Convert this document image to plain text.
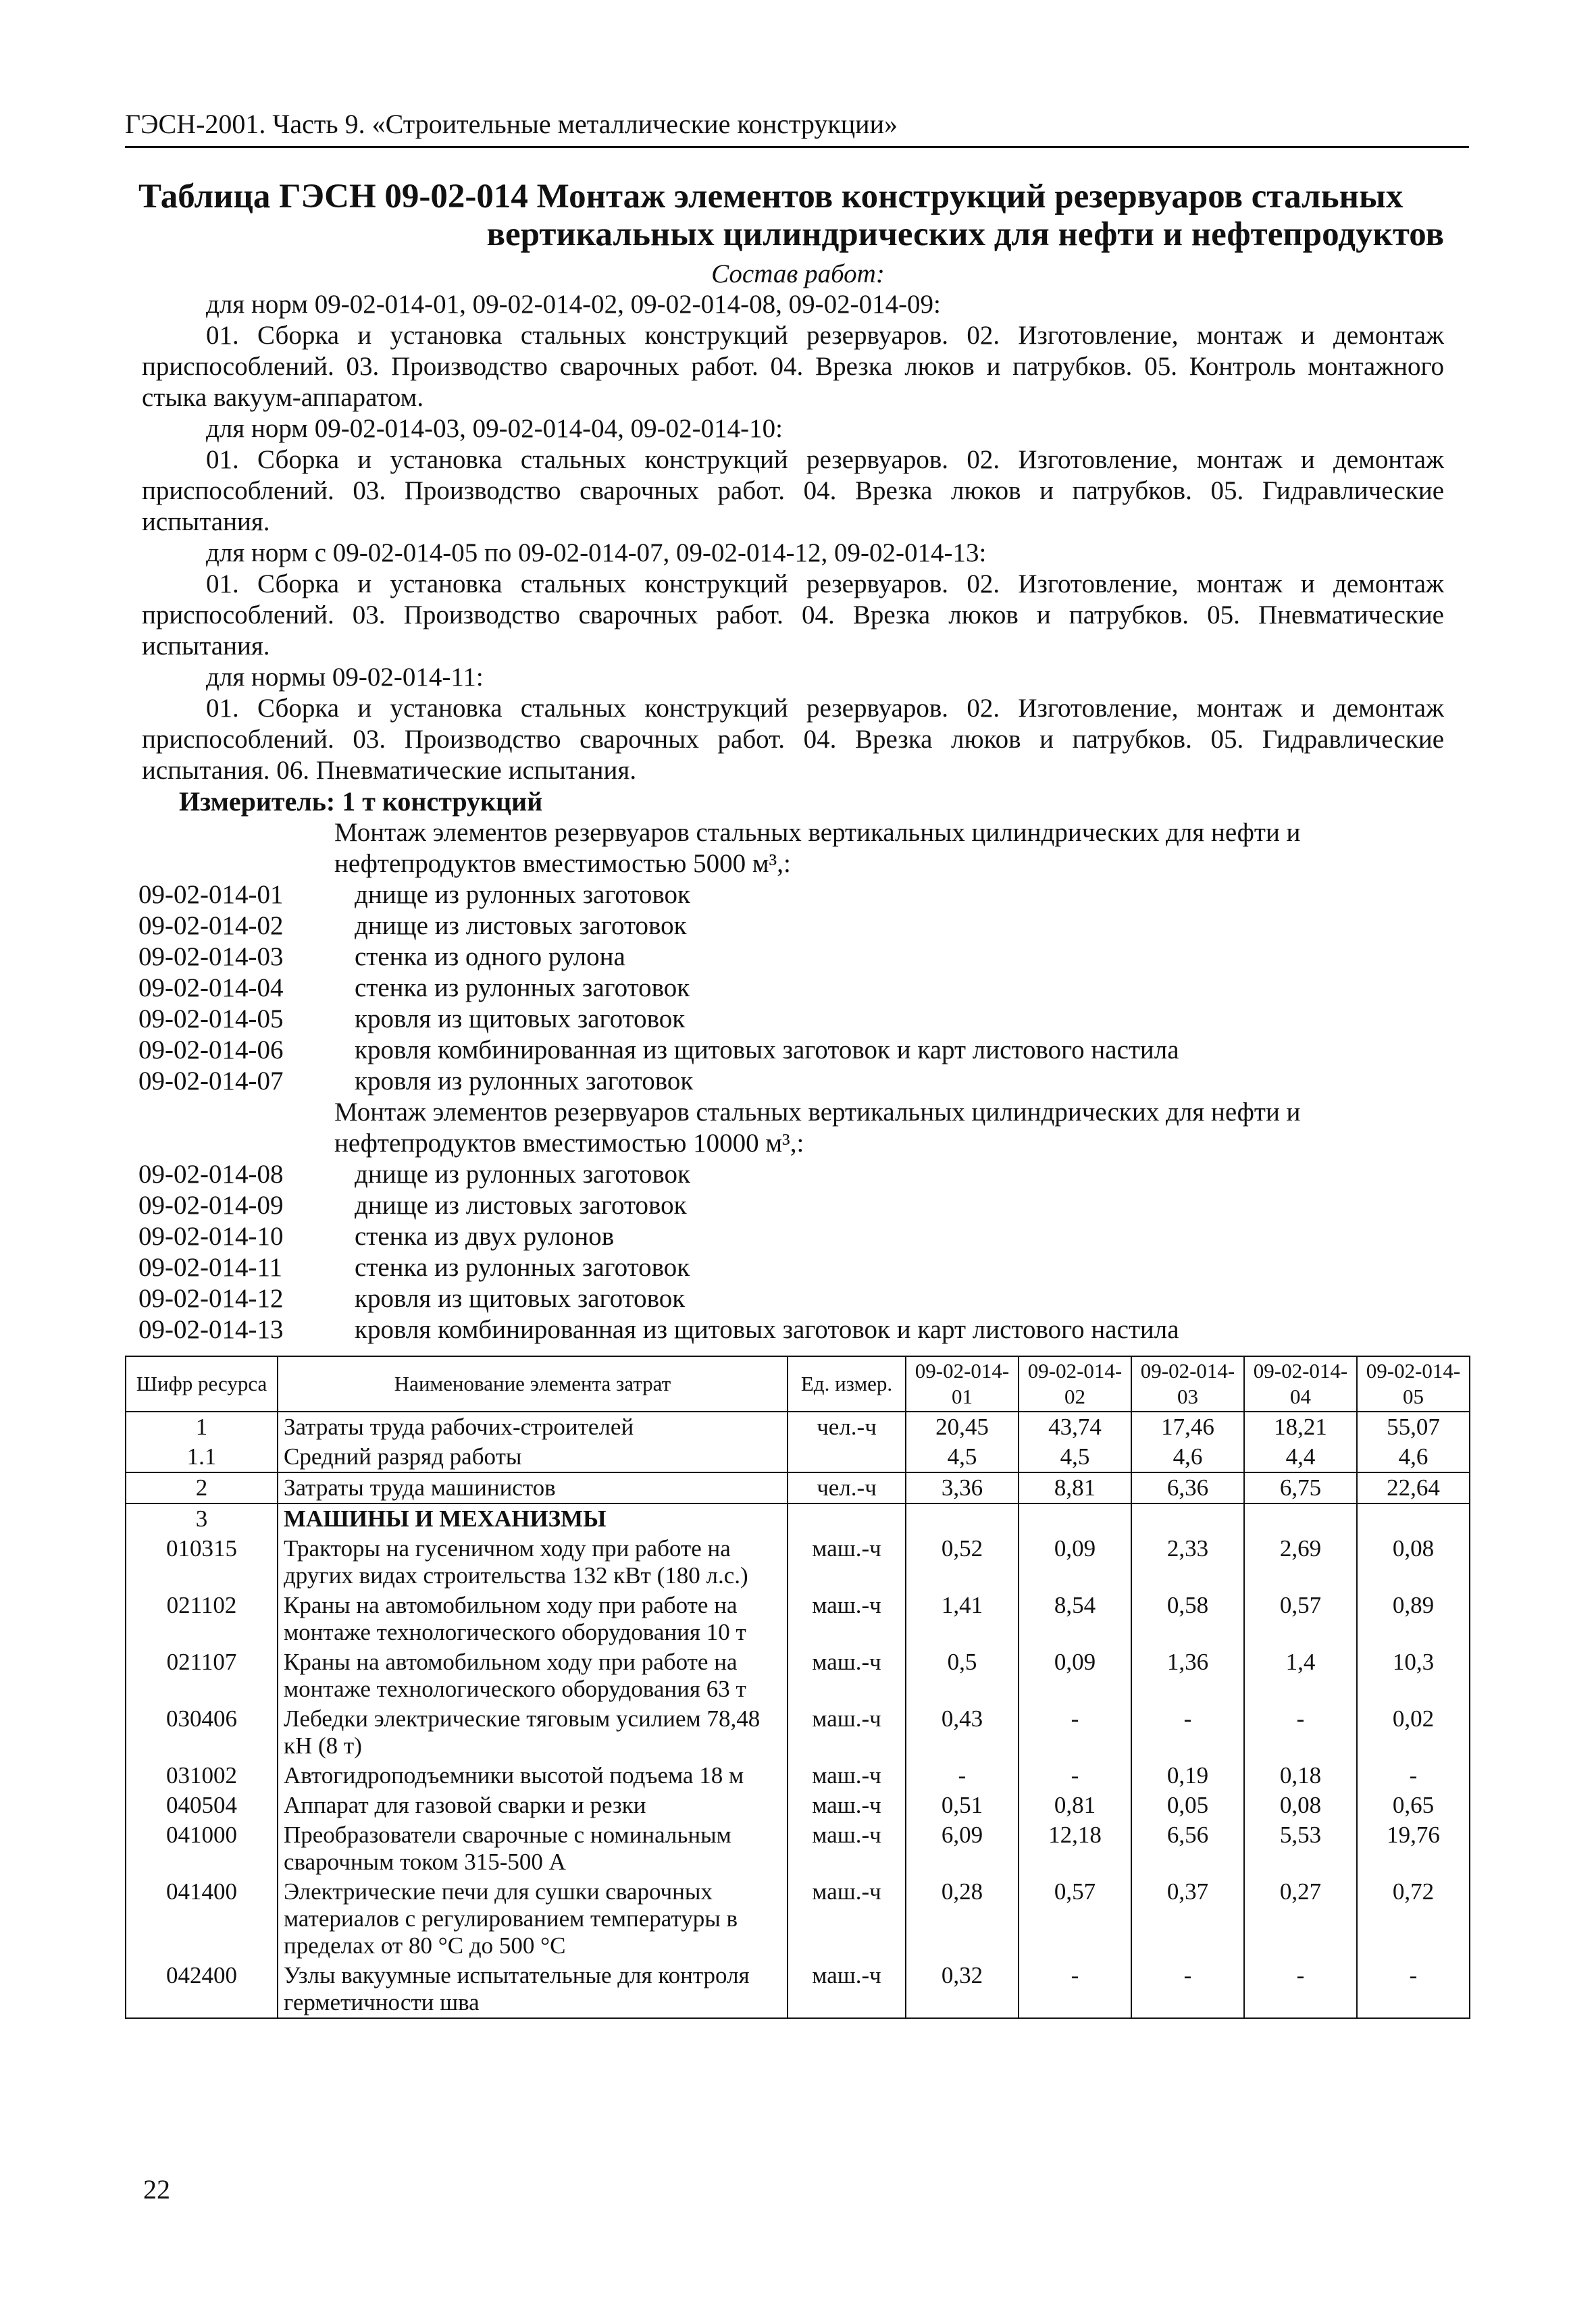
ГЭСН-2001. Часть 9. «Строительные металлические конструкции»
Таблица ГЭСН 09-02-014 Монтаж элементов конструкций резервуаров стальных
вертикальных цилиндрических для нефти и нефтепродуктов
Состав работ:
для норм 09-02-014-01, 09-02-014-02, 09-02-014-08, 09-02-014-09:
01. Сборка и установка стальных конструкций резервуаров. 02. Изготовление, монтаж и демонтаж приспособлений. 03. Производство сварочных работ. 04. Врезка люков и патрубков. 05. Контроль монтажного стыка вакуум-аппаратом.
для норм 09-02-014-03, 09-02-014-04, 09-02-014-10:
01. Сборка и установка стальных конструкций резервуаров. 02. Изготовление, монтаж и демонтаж приспособлений. 03. Производство сварочных работ. 04. Врезка люков и патрубков. 05. Гидравлические испытания.
для норм с 09-02-014-05 по 09-02-014-07, 09-02-014-12, 09-02-014-13:
01. Сборка и установка стальных конструкций резервуаров. 02. Изготовление, монтаж и демонтаж приспособлений. 03. Производство сварочных работ. 04. Врезка люков и патрубков. 05. Пневматические испытания.
для нормы 09-02-014-11:
01. Сборка и установка стальных конструкций резервуаров. 02. Изготовление, монтаж и демонтаж приспособлений. 03. Производство сварочных работ. 04. Врезка люков и патрубков. 05. Гидравлические испытания. 06. Пневматические испытания.
Измеритель: 1 т конструкций
Монтаж элементов резервуаров стальных вертикальных цилиндрических для нефти и нефтепродуктов вместимостью 5000 м³,:
09-02-014-01	днище из рулонных заготовок
09-02-014-02	днище из листовых заготовок
09-02-014-03	стенка из одного рулона
09-02-014-04	стенка из рулонных заготовок
09-02-014-05	кровля из щитовых заготовок
09-02-014-06	кровля комбинированная из щитовых заготовок и карт листового настила
09-02-014-07	кровля из рулонных заготовок
Монтаж элементов резервуаров стальных вертикальных цилиндрических для нефти и нефтепродуктов вместимостью 10000 м³,:
09-02-014-08	днище из рулонных заготовок
09-02-014-09	днище из листовых заготовок
09-02-014-10	стенка из двух рулонов
09-02-014-11	стенка из рулонных заготовок
09-02-014-12	кровля из щитовых заготовок
09-02-014-13	кровля комбинированная из щитовых заготовок и карт листового настила
Шифр ресурса	Наименование элемента затрат	Ед. измер.	09-02-014-01	09-02-014-02	09-02-014-03	09-02-014-04	09-02-014-05
1	Затраты труда рабочих-строителей	чел.-ч	20,45	43,74	17,46	18,21	55,07
1.1	Средний разряд работы		4,5	4,5	4,6	4,4	4,6
2	Затраты труда машинистов	чел.-ч	3,36	8,81	6,36	6,75	22,64
3	МАШИНЫ И МЕХАНИЗМЫ						
010315	Тракторы на гусеничном ходу при работе на других видах строительства 132 кВт (180 л.с.)	маш.-ч	0,52	0,09	2,33	2,69	0,08
021102	Краны на автомобильном ходу при работе на монтаже технологического оборудования 10 т	маш.-ч	1,41	8,54	0,58	0,57	0,89
021107	Краны на автомобильном ходу при работе на монтаже технологического оборудования 63 т	маш.-ч	0,5	0,09	1,36	1,4	10,3
030406	Лебедки электрические тяговым усилием 78,48 кН (8 т)	маш.-ч	0,43	-	-	-	0,02
031002	Автогидроподъемники высотой подъема 18 м	маш.-ч	-	-	0,19	0,18	-
040504	Аппарат для газовой сварки и резки	маш.-ч	0,51	0,81	0,05	0,08	0,65
041000	Преобразователи сварочные с номинальным сварочным током 315-500 А	маш.-ч	6,09	12,18	6,56	5,53	19,76
041400	Электрические печи для сушки сварочных материалов с регулированием температуры в пределах от 80 °С до 500 °С	маш.-ч	0,28	0,57	0,37	0,27	0,72
042400	Узлы вакуумные испытательные для контроля герметичности шва	маш.-ч	0,32	-	-	-	-
22
